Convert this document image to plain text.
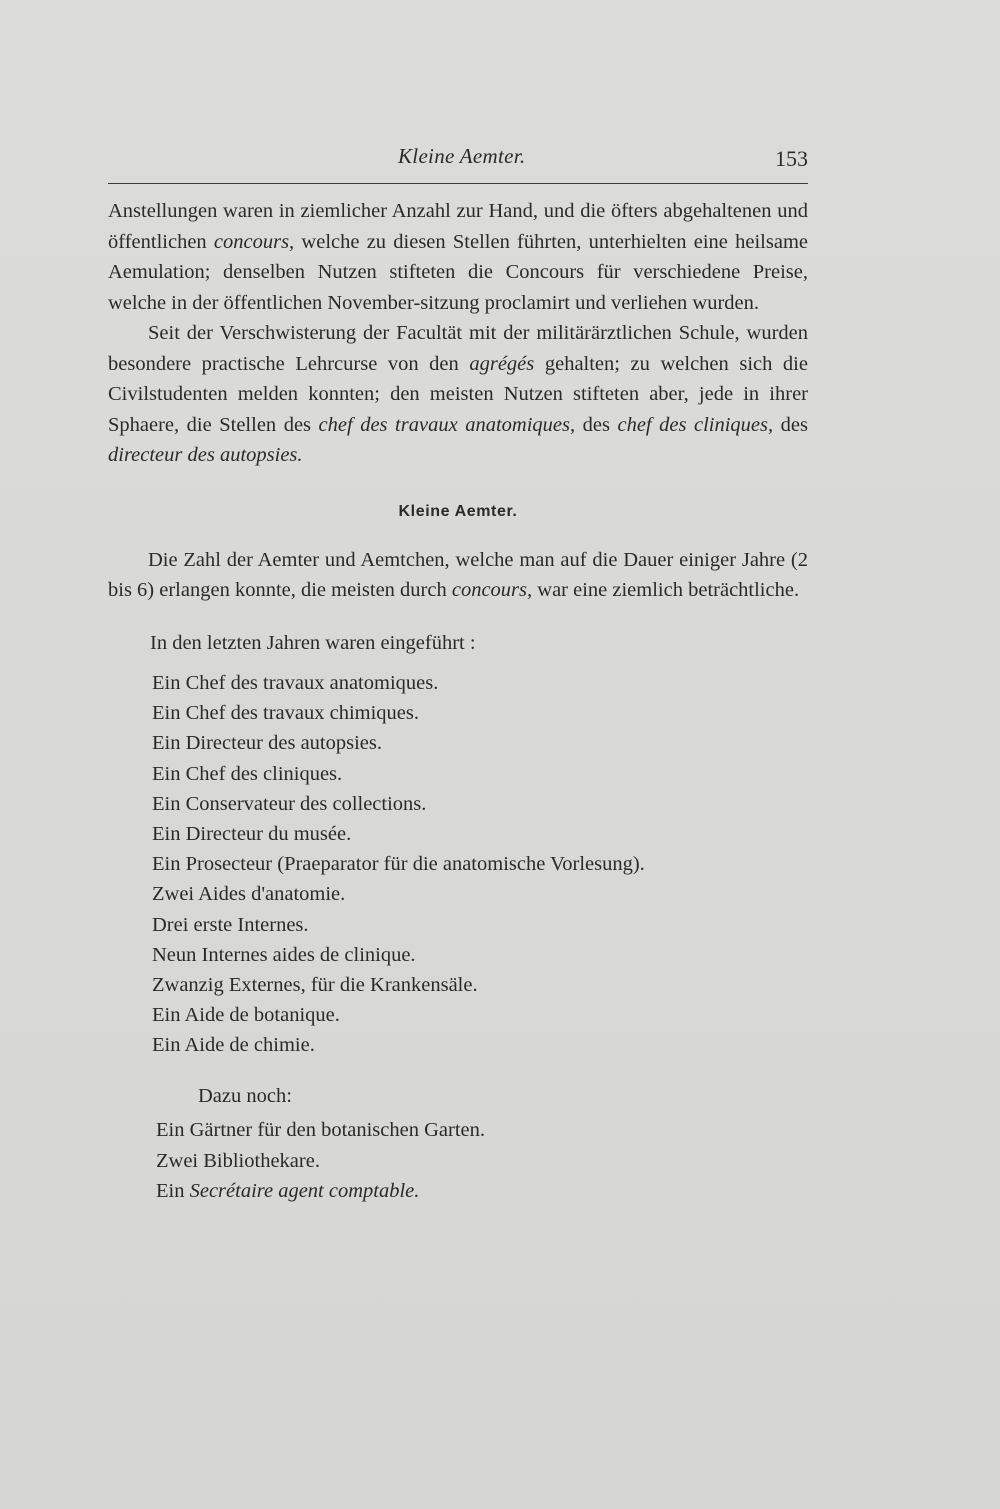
Kleine Aemter.	153

Anstellungen waren in ziemlicher Anzahl zur Hand, und die öfters abgehaltenen und öffentlichen concours, welche zu diesen Stellen führten, unterhielten eine heilsame Aemulation; denselben Nutzen stifteten die Concours für verschiedene Preise, welche in der öffentlichen November-sitzung proclamirt und verliehen wurden.

Seit der Verschwisterung der Facultät mit der militärärztlichen Schule, wurden besondere practische Lehrcurse von den agrégés gehalten; zu welchen sich die Civilstudenten melden konnten; den meisten Nutzen stifteten aber, jede in ihrer Sphaere, die Stellen des chef des travaux anatomiques, des chef des cliniques, des directeur des autopsies.

Kleine Aemter.

Die Zahl der Aemter und Aemtchen, welche man auf die Dauer einiger Jahre (2 bis 6) erlangen konnte, die meisten durch concours, war eine ziemlich beträchtliche.

In den letzten Jahren waren eingeführt :

Ein Chef des travaux anatomiques.
Ein Chef des travaux chimiques.
Ein Directeur des autopsies.
Ein Chef des cliniques.
Ein Conservateur des collections.
Ein Directeur du musée.
Ein Prosecteur (Praeparator für die anatomische Vorlesung).
Zwei Aides d'anatomie.
Drei erste Internes.
Neun Internes aides de clinique.
Zwanzig Externes, für die Krankensäle.
Ein Aide de botanique.
Ein Aide de chimie.

Dazu noch:

Ein Gärtner für den botanischen Garten.
Zwei Bibliothekare.
Ein Secrétaire agent comptable.
